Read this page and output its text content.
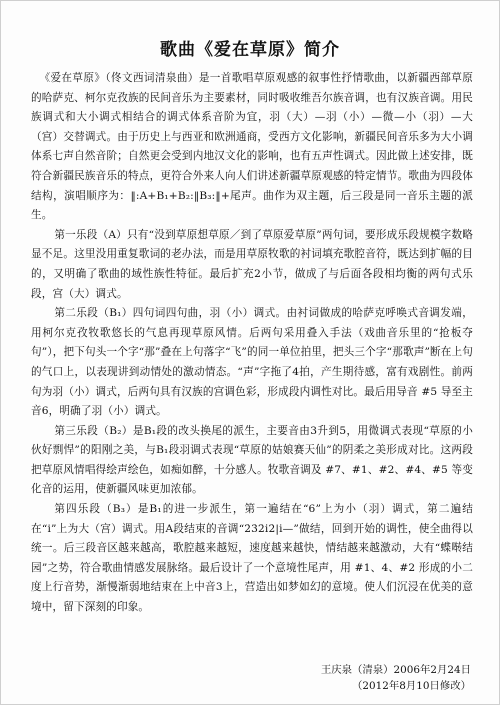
歌曲《爱在草原》简介

《爱在草原》（佟文西词清泉曲）是一首歌唱草原观感的叙事性抒情歌曲，以新疆西部草原的哈萨克、柯尔克孜族的民间音乐为主要素材，同时吸收维吾尔族音调，也有汉族音调。用民族调式和大小调式相结合的调式体系音阶为宜，羽（大）—羽（小）—微—小（羽）—大（宫）交替调式。由于历史上与西亚和欧洲通商，受西方文化影响，新疆民间音乐多为大小调体系七声自然音阶；自然更会受到内地汉文化的影响，也有五声性调式。因此做上述安排，既符合新疆民族音乐的特点，更符合外来人向人们讲述新疆草原观感的特定情节。歌曲为四段体结构，演唱顺序为：‖:A+B₁+B₂:‖B₃:‖+尾声。曲作为双主题，后三段是同一音乐主题的派生。

第一乐段（A）只有“没到草原想草原／到了草原爱草原”两句词，要形成乐段规模字数略显不足。这里没用重复歌词的老办法，而是用草原牧歌的衬词填充歌腔音符，既达到扩幅的目的，又明确了歌曲的域性族性特征。最后扩充2小节，做成了与后面各段相均衡的两句式乐段，宫（大）调式。

第二乐段（B₁）四句词四句曲，羽（小）调式。由衬词做成的哈萨克呼唤式音调发端，用柯尔克孜牧歌悠长的气息再现草原风情。后两句采用叠入手法（戏曲音乐里的“抢板夺句”），把下句头一个字“那”叠在上句落字“飞”的同一单位拍里，把头三个字“那歌声”断在上句的气口上，以表现讲到动情处的激动情态。“声”字拖了4拍，产生期待感，富有戏剧性。前两句为羽（小）调式，后两句具有汉族的宫调色彩，形成段内调性对比。最后用导音 #5 导至主音6，明确了羽（小）调式。

第三乐段（B₂）是B₁段的改头换尾的派生，主要音由3升到5，用微调式表现“草原的小伙好剽悍”的阳刚之美，与B₁段羽调式表现“草原的姑娘赛天仙”的阴柔之美形成对比。这两段把草原风情唱得绘声绘色，如痴如醉，十分感人。牧歌音调及 #7、#1、#2、#4、#5 等变化音的运用，使新疆风味更加浓郁。

第四乐段（B₃）是B₁的进一步派生，第一遍结在“6”上为小（羽）调式，第二遍结在“i”上为大（宫）调式。用A段结束的音调“2̇3̇2̇i̇2̇|i̇—”做结，回到开始的调性，使全曲得以统一。后三段音区越来越高，歌腔越来越短，速度越来越快，情结越来越激动，大有“蝶啭结园”之势，符合歌曲情感发展脉络。最后设计了一个意境性尾声，用 #1、4、#2 形成的小二度上行音势，渐慢渐弱地结束在上中音3上，营造出如梦如幻的意境。使人们沉浸在优美的意境中，留下深刻的印象。

王庆泉（清泉）2006年2月24日
（2012年8月10日修改）
